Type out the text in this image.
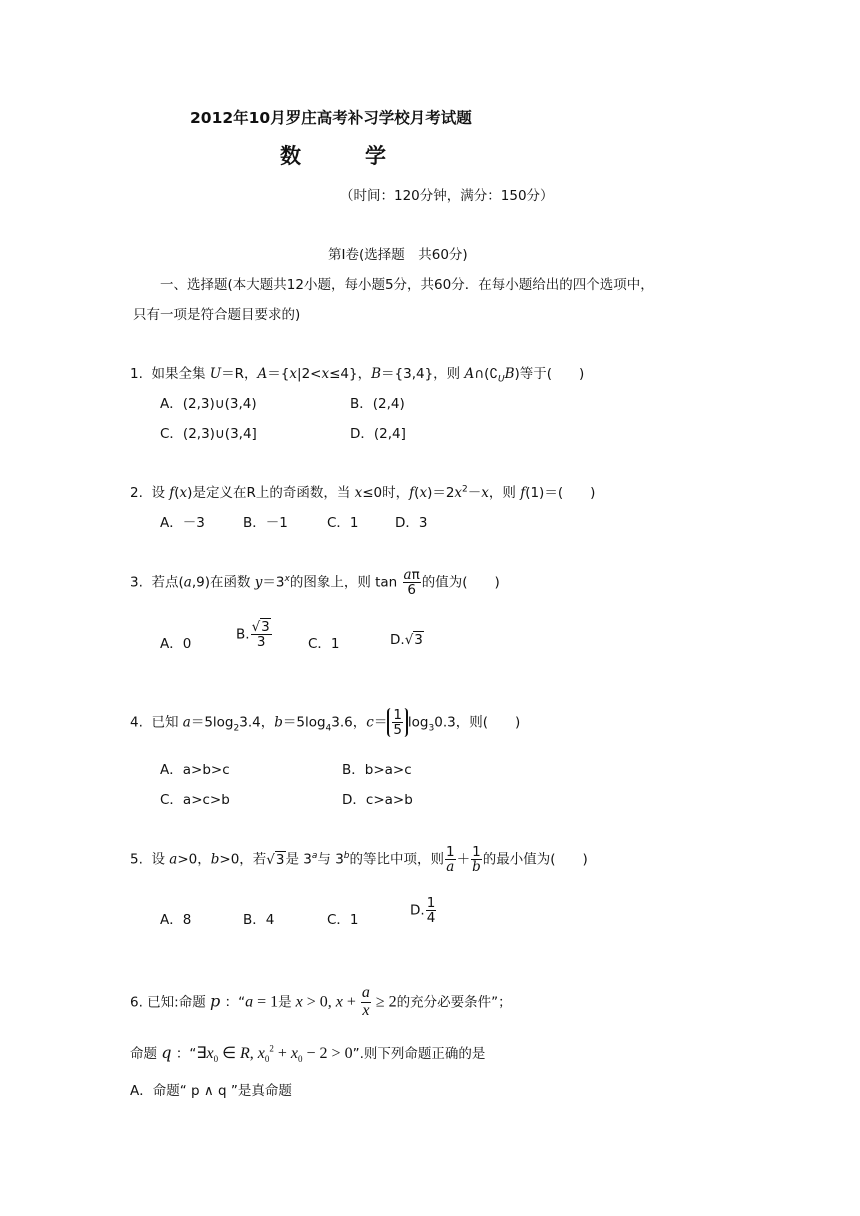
2012年10月罗庄高考补习学校月考试题
数	学
（时间：120分钟，满分：150分）
第Ⅰ卷(选择题　共60分)
一、选择题(本大题共12小题，每小题5分，共60分．在每小题给出的四个选项中，
只有一项是符合题目要求的)
1.  如果全集 U＝R，A＝{x|2<x≤4}，B＝{3,4}，则 $A\cap(∁_UB)$等于(　　)
A．(2,3)∪(3,4)	B．(2,4)
C．(2,3)∪(3,4]	D．(2,4]
2.  设 f(x)是定义在R上的奇函数，当 x≤0时，$f(x)=2x^2-x$，则 f(1)＝(　　)
A．－3	B．－1	C．1	D．3
3.  若点(a,9)在函数 $y=3^x$的图象上，则 $\tan \frac{a\pi}{6}$ 的值为(　　)
A．0
B. $\frac{√3}{3}$	C．1	D.√3
4.  已知 $a=5\log_23.4$，$b=5\log_43.6$，$c= \frac{1}{5} \log_30.3$，则(　　)
A．a>b>c	B．b>a>c
C．a>c>b	D．c>a>b
5.  设 a>0，b>0，若√3是 3$^a$与 3$^b$的等比中项，则 $\frac{1}{a} + \frac{1}{b}$ 的最小值为(　　)
A．8	B．4	C．1
D. $\frac{1}{4}$
6. 已知:命题 p ：“a = 1是 x > 0, $x + \frac{a}{x} \ge 2$的充分必要条件”；
命题 q ：“$\exists x_0$ ∈ R, $x_0^2 + x_0 - 2 > 0$”.则下列命题正确的是
A．命题“ p ∧ q ”是真命题
